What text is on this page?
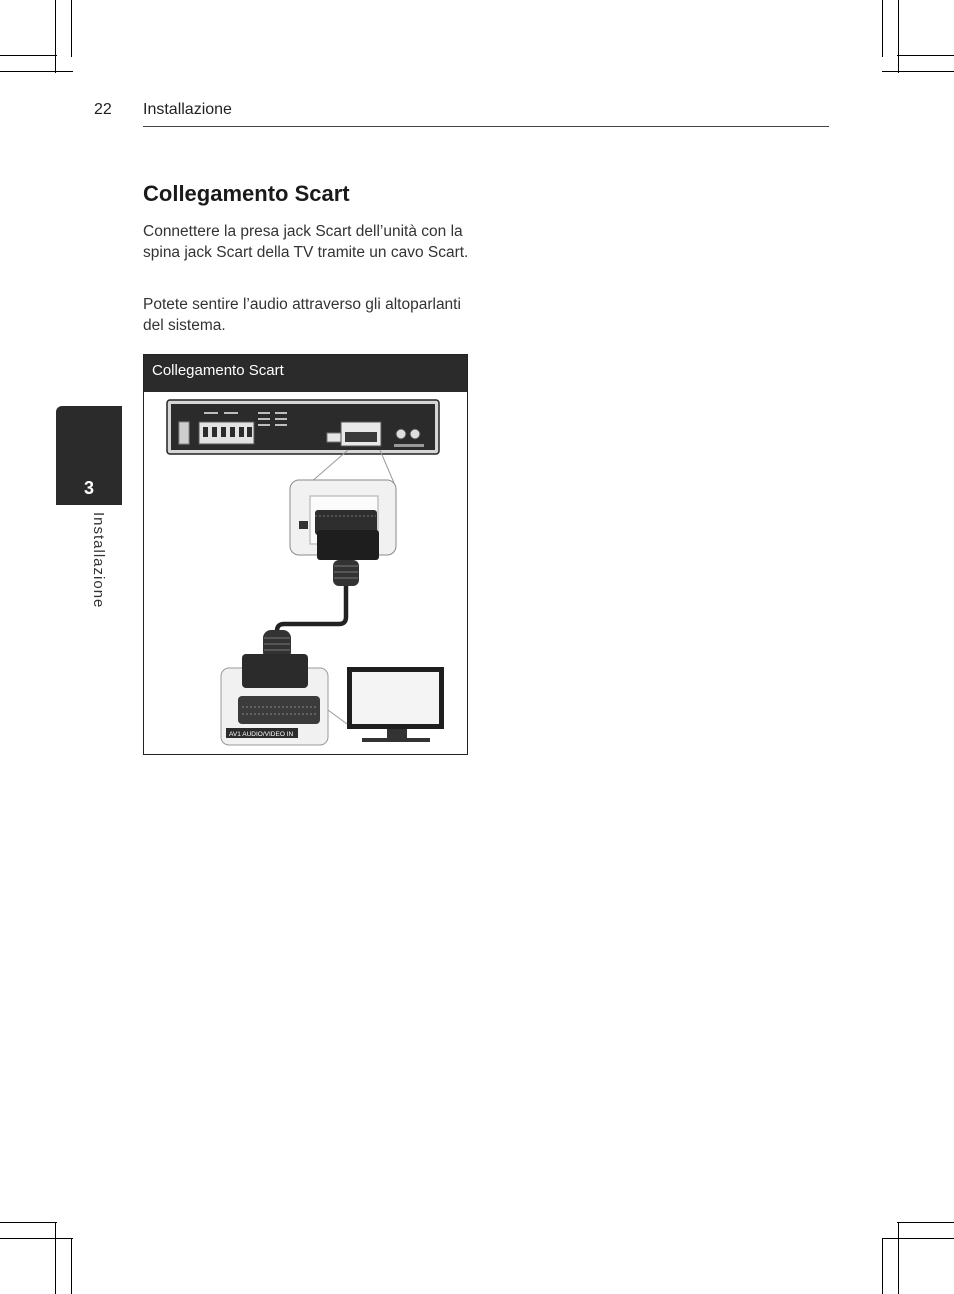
22 Installazione
3
Installazione
Collegamento Scart

Connettere la presa jack Scart dell’unità con la spina jack Scart della TV tramite un cavo Scart.

Potete sentire l’audio attraverso gli altoparlanti del sistema.

Collegamento Scart
AV1 AUDIO/VIDEO IN
